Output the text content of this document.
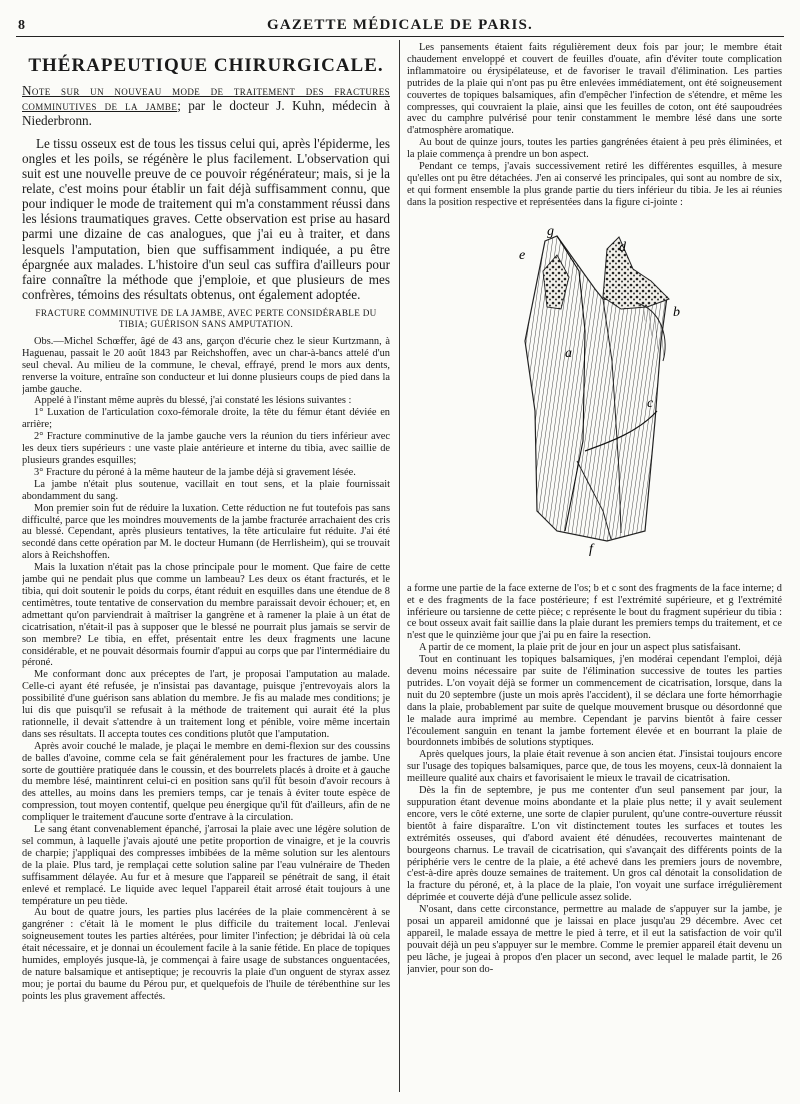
8	GAZETTE MÉDICALE DE PARIS.
THÉRAPEUTIQUE CHIRURGICALE.

Note sur un nouveau mode de traitement des fractures comminutives de la jambe; par le docteur J. Kuhn, médecin à Niederbronn.

Le tissu osseux est de tous les tissus celui qui, après l'épiderme, les ongles et les poils, se régénère le plus facilement. L'observation qui suit est une nouvelle preuve de ce pouvoir régénérateur; mais, si je la relate, c'est moins pour établir un fait déjà suffisamment connu, que pour indiquer le mode de traitement qui m'a constamment réussi dans les lésions traumatiques graves. Cette observation est prise au hasard parmi une dizaine de cas analogues, que j'ai eu à traiter, et dans lesquels l'amputation, bien que suffisamment indiquée, a pu être épargnée aux malades. L'histoire d'un seul cas suffira d'ailleurs pour faire connaître la méthode que j'emploie, et que plusieurs de mes confrères, témoins des résultats obtenus, ont également adoptée.

FRACTURE COMMINUTIVE DE LA JAMBE, AVEC PERTE CONSIDÉRABLE DU TIBIA; GUÉRISON SANS AMPUTATION.

Obs.—Michel Schœffer, âgé de 43 ans, garçon d'écurie chez le sieur Kurtzmann, à Haguenau, passait le 20 août 1843 par Reichshoffen, avec un char-à-bancs attelé d'un seul cheval. Au milieu de la commune, le cheval, effrayé, prend le mors aux dents, renverse la voiture, entraîne son conducteur et lui donne plusieurs coups de pied dans la jambe gauche.

Appelé à l'instant même auprès du blessé, j'ai constaté les lésions suivantes :

1° Luxation de l'articulation coxo-fémorale droite, la tête du fémur étant déviée en arrière;

2° Fracture comminutive de la jambe gauche vers la réunion du tiers inférieur avec les deux tiers supérieurs : une vaste plaie antérieure et interne du tibia, avec saillie de plusieurs grandes esquilles;

3° Fracture du péroné à la même hauteur de la jambe déjà si gravement lésée.

La jambe n'était plus soutenue, vacillait en tout sens, et la plaie fournissait abondamment du sang.

Mon premier soin fut de réduire la luxation. Cette réduction ne fut toutefois pas sans difficulté, parce que les moindres mouvements de la jambe fracturée arrachaient des cris au blessé. Cependant, après plusieurs tentatives, la tête articulaire fut réduite. J'ai été secondé dans cette opération par M. le docteur Humann (de Herrlisheim), qui se trouvait alors à Reichshoffen.

Mais la luxation n'était pas la chose principale pour le moment. Que faire de cette jambe qui ne pendait plus que comme un lambeau? Les deux os étant fracturés, et le tibia, qui doit soutenir le poids du corps, étant réduit en esquilles dans une étendue de 8 centimètres, toute tentative de conservation du membre paraissait devoir échouer; et, en admettant qu'on parviendrait à maîtriser la gangrène et à ramener la plaie à un état de cicatrisation, n'était-il pas à supposer que le blessé ne pourrait plus jamais se servir de son membre? Le tibia, en effet, présentait entre les deux fragments une lacune considérable, et ne pouvait désormais fournir d'appui au corps que par l'intermédiaire du péroné.

Me conformant donc aux préceptes de l'art, je proposai l'amputation au malade. Celle-ci ayant été refusée, je n'insistai pas davantage, puisque j'entrevoyais alors la possibilité d'une guérison sans ablation du membre. Je fis au malade mes conditions; je lui dis que puisqu'il se refusait à la méthode de traitement qui aurait été la plus rationnelle, il devait s'attendre à un traitement long et pénible, voire même incertain dans ses résultats. Il accepta toutes ces conditions plutôt que l'amputation.

Après avoir couché le malade, je plaçai le membre en demi-flexion sur des coussins de balles d'avoine, comme cela se fait généralement pour les fractures de jambe. Une sorte de gouttière pratiquée dans le coussin, et des bourrelets placés à droite et à gauche du membre lésé, maintinrent celui-ci en position sans qu'il fût besoin d'avoir recours à des attelles, au moins dans les premiers temps, car je tenais à éviter toute espèce de compression, tout moyen contentif, quelque peu énergique qu'il fût d'ailleurs, afin de ne compliquer le traitement d'aucune sorte d'entrave à la circulation.

Le sang étant convenablement épanché, j'arrosai la plaie avec une légère solution de sel commun, à laquelle j'avais ajouté une petite proportion de vinaigre, et je la couvris de charpie; j'appliquai des compresses imbibées de la même solution sur les alentours de la plaie. Plus tard, je remplaçai cette solution saline par l'eau vulnéraire de Theden suffisamment délayée. Au fur et à mesure que l'appareil se pénétrait de sang, il était enlevé et remplacé. Le liquide avec lequel l'appareil était arrosé était toujours à une température un peu tiède.

Au bout de quatre jours, les parties plus lacérées de la plaie commencèrent à se gangréner : c'était là le moment le plus difficile du traitement local. J'enlevai soigneusement toutes les parties altérées, pour limiter l'infection; je débridai là où cela était nécessaire, et je donnai un écoulement facile à la sanie fétide. En place de topiques humides, employés jusque-là, je commençai à faire usage de substances onguentacées, de nature balsamique et antiseptique; je recouvris la plaie d'un onguent de styrax assez mou; je portai du baume du Pérou pur, et quelquefois de l'huile de térébenthine sur les points les plus gravement affectés.

Les pansements étaient faits régulièrement deux fois par jour; le membre était chaudement enveloppé et couvert de feuilles d'ouate, afin d'éviter toute complication inflammatoire ou érysipélateuse, et de favoriser le travail d'élimination. Les parties putrides de la plaie qui n'ont pas pu être enlevées immédiatement, ont été soigneusement couvertes de topiques balsamiques, afin d'empêcher l'infection de s'étendre, et même les compresses, qui couvraient la plaie, ainsi que les feuilles de coton, ont été saupoudrées avec du camphre pulvérisé pour tenir constamment le membre lésé dans une sorte d'atmosphère aromatique.

Au bout de quinze jours, toutes les parties gangrénées étaient à peu près éliminées, et la plaie commença à prendre un bon aspect.

Pendant ce temps, j'avais successivement retiré les différentes esquilles, à mesure qu'elles ont pu être détachées. J'en ai conservé les principales, qui sont au nombre de six, et qui forment ensemble la plus grande partie du tiers inférieur du tibia. Je les ai réunies dans la position respective et représentées dans la figure ci-jointe :

g
e
d
b
a
c
f

a forme une partie de la face externe de l'os; b et c sont des fragments de la face interne; d et e des fragments de la face postérieure; f est l'extrémité supérieure, et g l'extrémité inférieure ou tarsienne de cette pièce; c représente le bout du fragment supérieur du tibia : ce bout osseux avait fait saillie dans la plaie durant les premiers temps du traitement, et ce n'est que le quinzième jour que j'ai pu en faire la resection.

A partir de ce moment, la plaie prit de jour en jour un aspect plus satisfaisant.

Tout en continuant les topiques balsamiques, j'en modérai cependant l'emploi, déjà devenu moins nécessaire par suite de l'élimination successive de toutes les parties putrides. L'on voyait déjà se former un commencement de cicatrisation, lorsque, dans la nuit du 20 septembre (juste un mois après l'accident), il se déclara une forte hémorrhagie dans la plaie, probablement par suite de quelque mouvement brusque ou désordonné que le malade aura imprimé au membre. Cependant je parvins bientôt à faire cesser l'écoulement sanguin en tenant la jambe fortement élevée et en bourrant la plaie de bourdonnets imbibés de solutions styptiques.

Après quelques jours, la plaie était revenue à son ancien état. J'insistai toujours encore sur l'usage des topiques balsamiques, parce que, de tous les moyens, ceux-là donnaient la meilleure qualité aux chairs et favorisaient le mieux le travail de cicatrisation.

Dès la fin de septembre, je pus me contenter d'un seul pansement par jour, la suppuration étant devenue moins abondante et la plaie plus nette; il y avait seulement encore, vers le côté externe, une sorte de clapier purulent, qu'une contre-ouverture réussit bientôt à faire disparaître. L'on vit distinctement toutes les surfaces et toutes les extrémités osseuses, qui d'abord avaient été dénudées, recouvertes maintenant de bourgeons charnus. Le travail de cicatrisation, qui s'avançait des différents points de la périphérie vers le centre de la plaie, a été achevé dans les premiers jours de novembre, c'est-à-dire après douze semaines de traitement. Un gros cal dénotait la consolidation de la fracture du péroné, et, à la place de la plaie, l'on voyait une surface irrégulièrement déprimée et couverte déjà d'une pellicule assez solide.

N'osant, dans cette circonstance, permettre au malade de s'appuyer sur la jambe, je posai un appareil amidonné que je laissai en place jusqu'au 29 décembre. Avec cet appareil, le malade essaya de mettre le pied à terre, et il eut la satisfaction de voir qu'il pouvait déjà un peu s'appuyer sur le membre. Comme le premier appareil était devenu un peu lâche, je jugeai à propos d'en placer un second, avec lequel le malade partit, le 26 janvier, pour son do-
